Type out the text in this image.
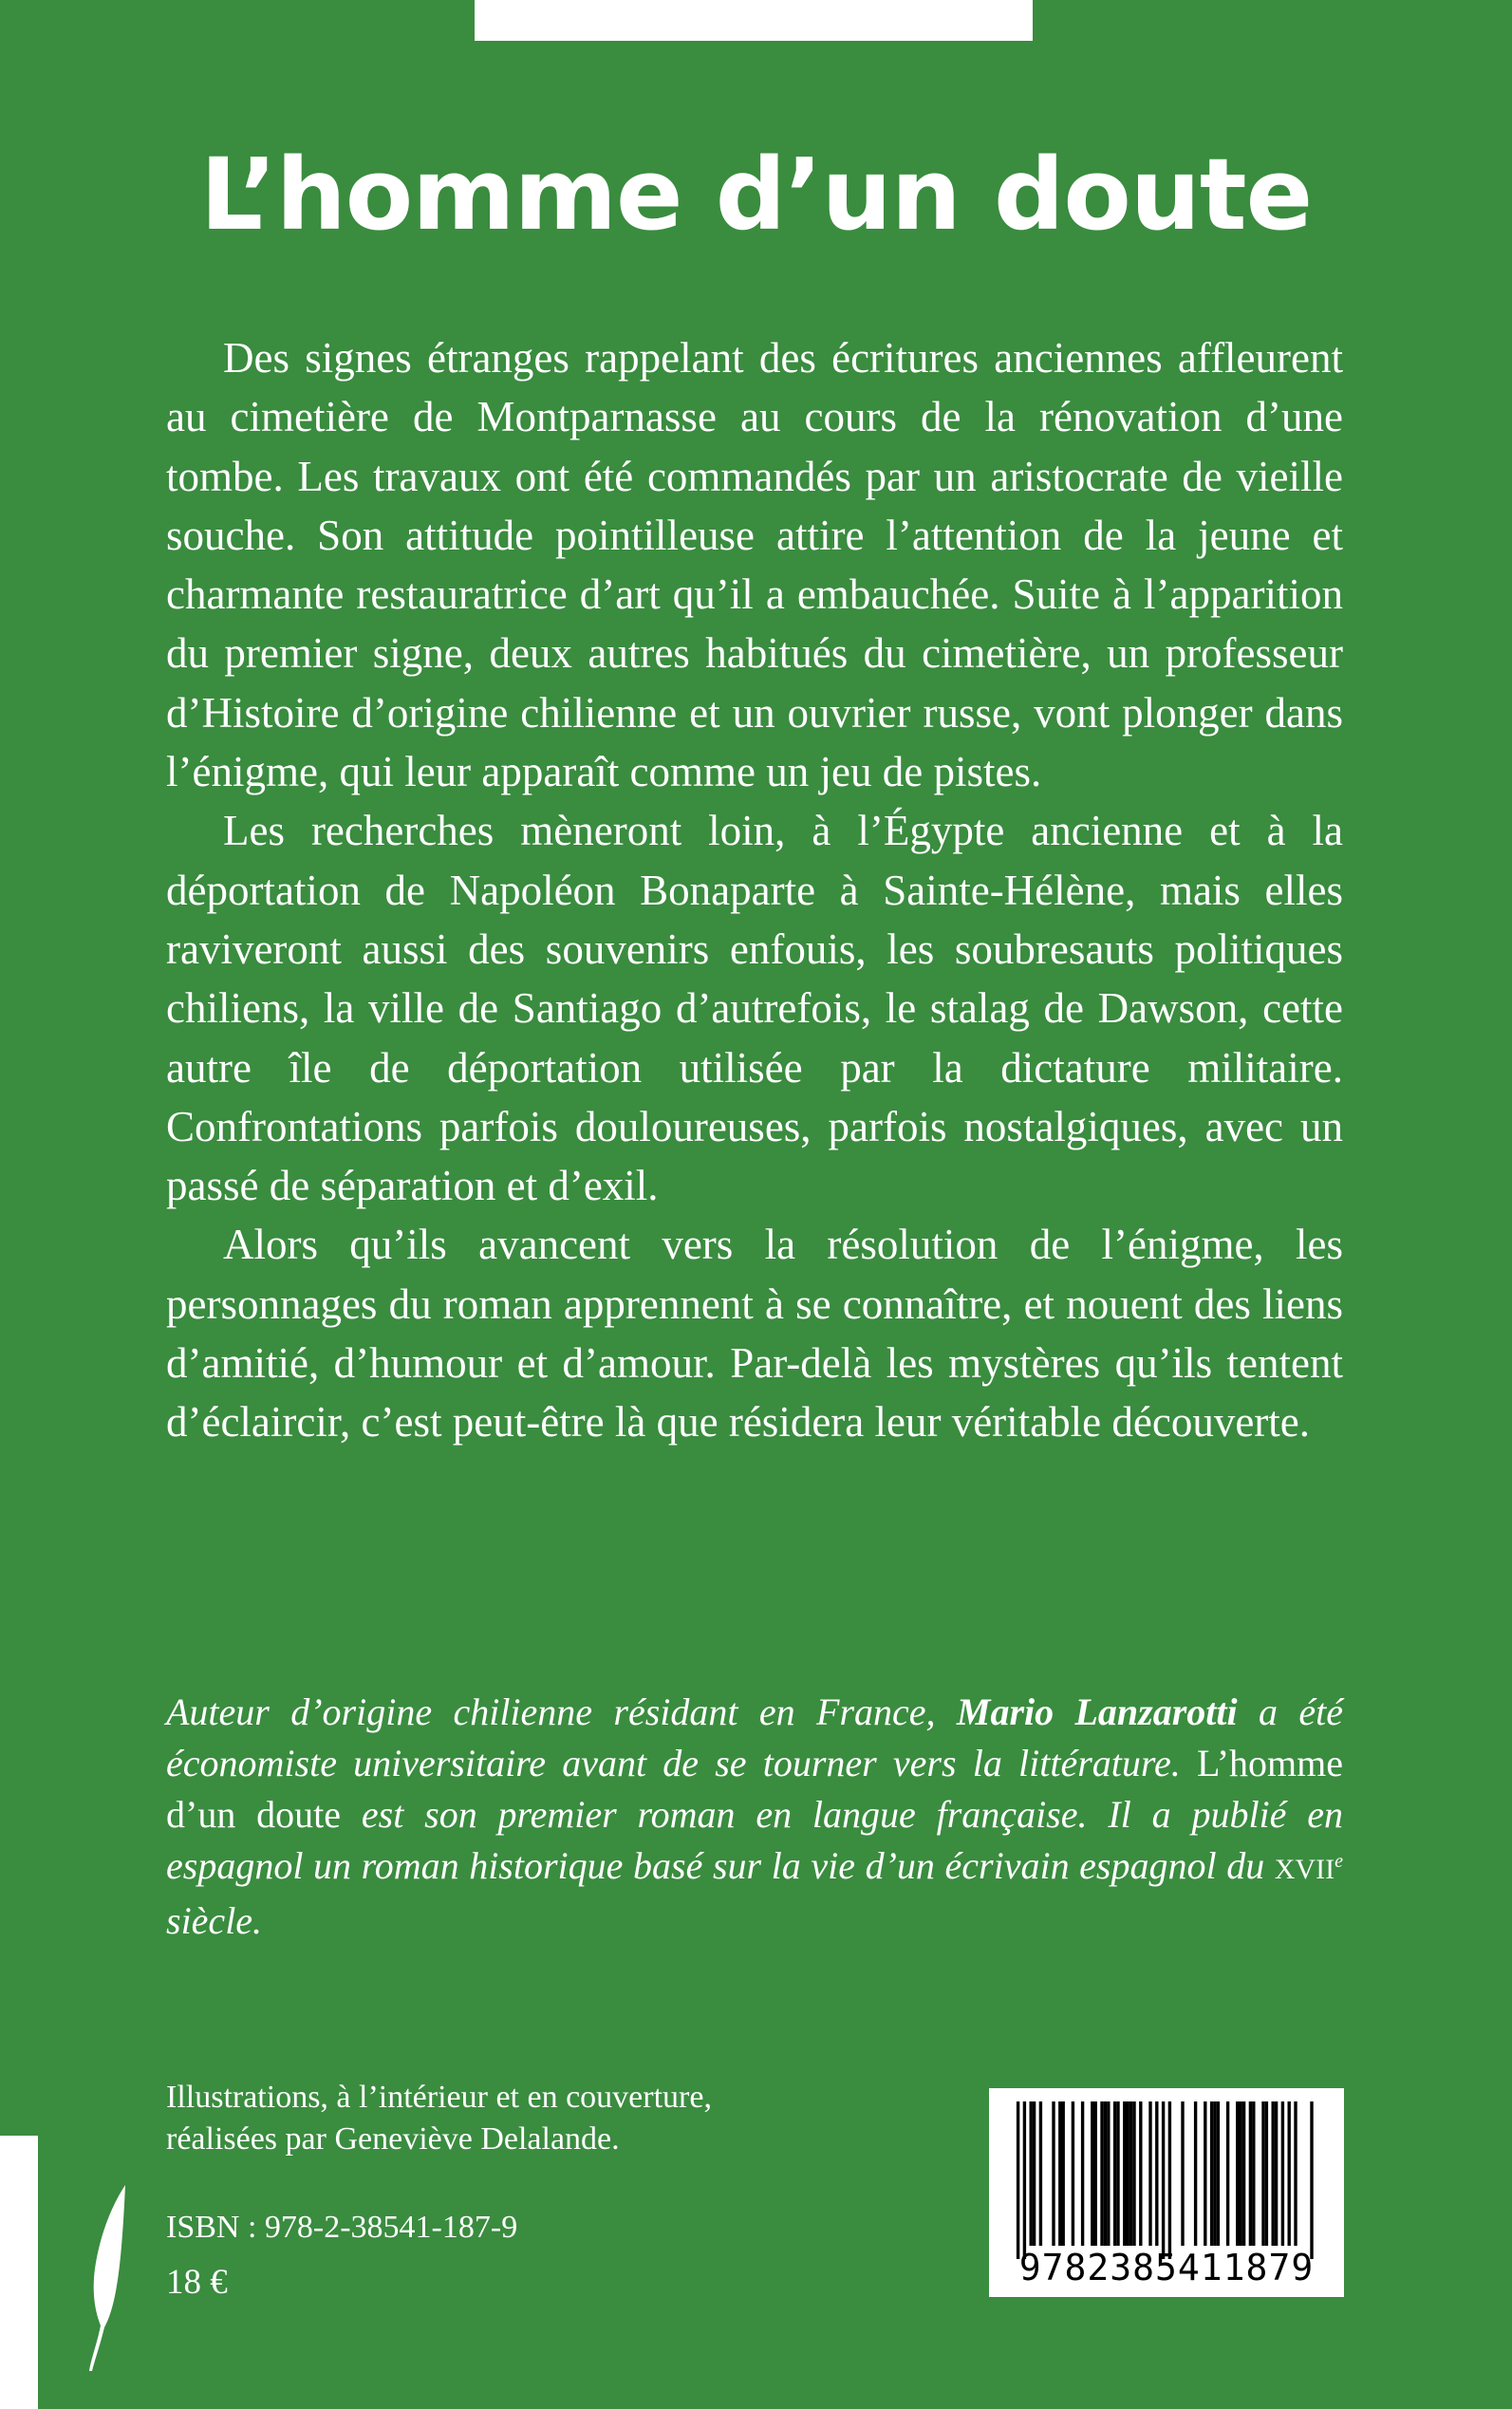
L’homme d’un doute

Des signes étranges rappelant des écritures anciennes affleurent au cimetière de Montparnasse au cours de la rénovation d’une tombe. Les travaux ont été commandés par un aristocrate de vieille souche. Son attitude pointilleuse attire l’attention de la jeune et charmante restauratrice d’art qu’il a embauchée. Suite à l’apparition du premier signe, deux autres habitués du cimetière, un professeur d’Histoire d’origine chilienne et un ouvrier russe, vont plonger dans l’énigme, qui leur apparaît comme un jeu de pistes.

Les recherches mèneront loin, à l’Égypte ancienne et à la déportation de Napoléon Bonaparte à Sainte-Hélène, mais elles raviveront aussi des souvenirs enfouis, les soubresauts politiques chiliens, la ville de Santiago d’autrefois, le stalag de Dawson, cette autre île de déportation utilisée par la dictature militaire. Confrontations parfois douloureuses, parfois nostalgiques, avec un passé de séparation et d’exil.

Alors qu’ils avancent vers la résolution de l’énigme, les personnages du roman apprennent à se connaître, et nouent des liens d’amitié, d’humour et d’amour. Par-delà les mystères qu’ils tentent d’éclaircir, c’est peut-être là que résidera leur véritable découverte.

Auteur d’origine chilienne résidant en France, Mario Lanzarotti a été économiste universitaire avant de se tourner vers la littérature. L’homme d’un doute est son premier roman en langue française. Il a publié en espagnol un roman historique basé sur la vie d’un écrivain espagnol du XVIIe siècle.

Illustrations, à l’intérieur et en couverture,
réalisées par Geneviève Delalande.
ISBN : 978-2-38541-187-9
18 €	9782385411879
